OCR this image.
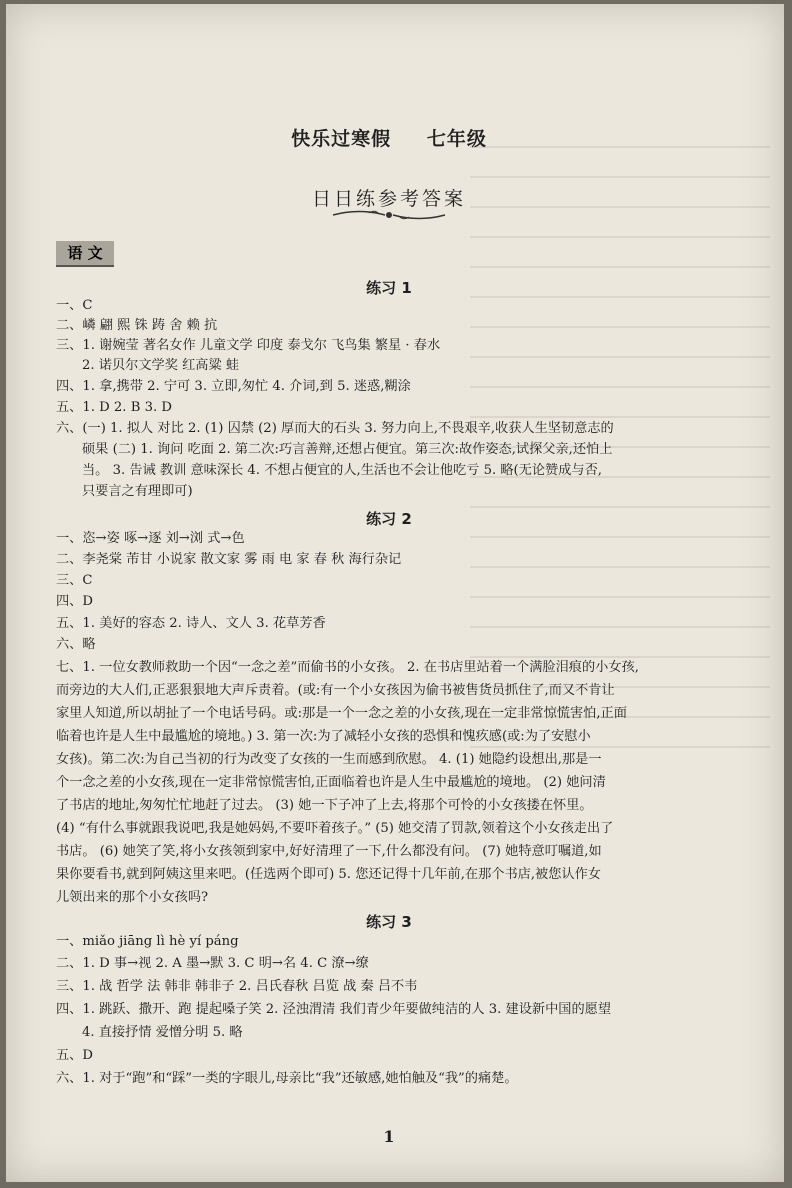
快乐过寒假 七年级
日日练参考答案
语 文
练习 1
一、C
二、嶙 翩 熙 铢 踌 舍 赖 抗
三、1. 谢婉莹 著名女作 儿童文学 印度 泰戈尔 飞鸟集 繁星 · 春水
2. 诺贝尔文学奖 红高粱 蛙
四、1. 拿,携带 2. 宁可 3. 立即,匆忙 4. 介词,到 5. 迷惑,糊涂
五、1. D 2. B 3. D
六、(一) 1. 拟人 对比 2. (1) 囚禁 (2) 厚而大的石头 3. 努力向上,不畏艰辛,收获人生坚韧意志的
硕果 (二) 1. 询问 吃面 2. 第二次:巧言善辩,还想占便宜。第三次:故作姿态,试探父亲,还怕上
当。 3. 告诫 教训 意味深长 4. 不想占便宜的人,生活也不会让他吃亏 5. 略(无论赞成与否,
只要言之有理即可)
练习 2
一、恣→姿 啄→逐 刘→浏 式→色
二、李尧棠 芾甘 小说家 散文家 雾 雨 电 家 春 秋 海行杂记
三、C
四、D
五、1. 美好的容态 2. 诗人、文人 3. 花草芳香
六、略
七、1. 一位女教师救助一个因“一念之差”而偷书的小女孩。 2. 在书店里站着一个满脸泪痕的小女孩,
而旁边的大人们,正恶狠狠地大声斥责着。(或:有一个小女孩因为偷书被售货员抓住了,而又不肯让
家里人知道,所以胡扯了一个电话号码。或:那是一个一念之差的小女孩,现在一定非常惊慌害怕,正面
临着也许是人生中最尴尬的境地。) 3. 第一次:为了减轻小女孩的恐惧和愧疚感(或:为了安慰小
女孩)。第二次:为自己当初的行为改变了女孩的一生而感到欣慰。 4. (1) 她隐约设想出,那是一
个一念之差的小女孩,现在一定非常惊慌害怕,正面临着也许是人生中最尴尬的境地。 (2) 她问清
了书店的地址,匆匆忙忙地赶了过去。 (3) 她一下子冲了上去,将那个可怜的小女孩搂在怀里。
(4) “有什么事就跟我说吧,我是她妈妈,不要吓着孩子。” (5) 她交清了罚款,领着这个小女孩走出了
书店。 (6) 她笑了笑,将小女孩领到家中,好好清理了一下,什么都没有问。 (7) 她特意叮嘱道,如
果你要看书,就到阿姨这里来吧。(任选两个即可) 5. 您还记得十几年前,在那个书店,被您认作女
儿领出来的那个小女孩吗?
练习 3
一、miǎo jiāng lì hè yí páng
二、1. D 事→视 2. A 墨→默 3. C 明→名 4. C 潦→缭
三、1. 战 哲学 法 韩非 韩非子 2. 吕氏春秋 吕览 战 秦 吕不韦
四、1. 跳跃、撒开、跑 提起嗓子笑 2. 泾浊渭清 我们青少年要做纯洁的人 3. 建设新中国的愿望
4. 直接抒情 爱憎分明 5. 略
五、D
六、1. 对于“跑”和“踩”一类的字眼儿,母亲比“我”还敏感,她怕触及“我”的痛楚。
1
